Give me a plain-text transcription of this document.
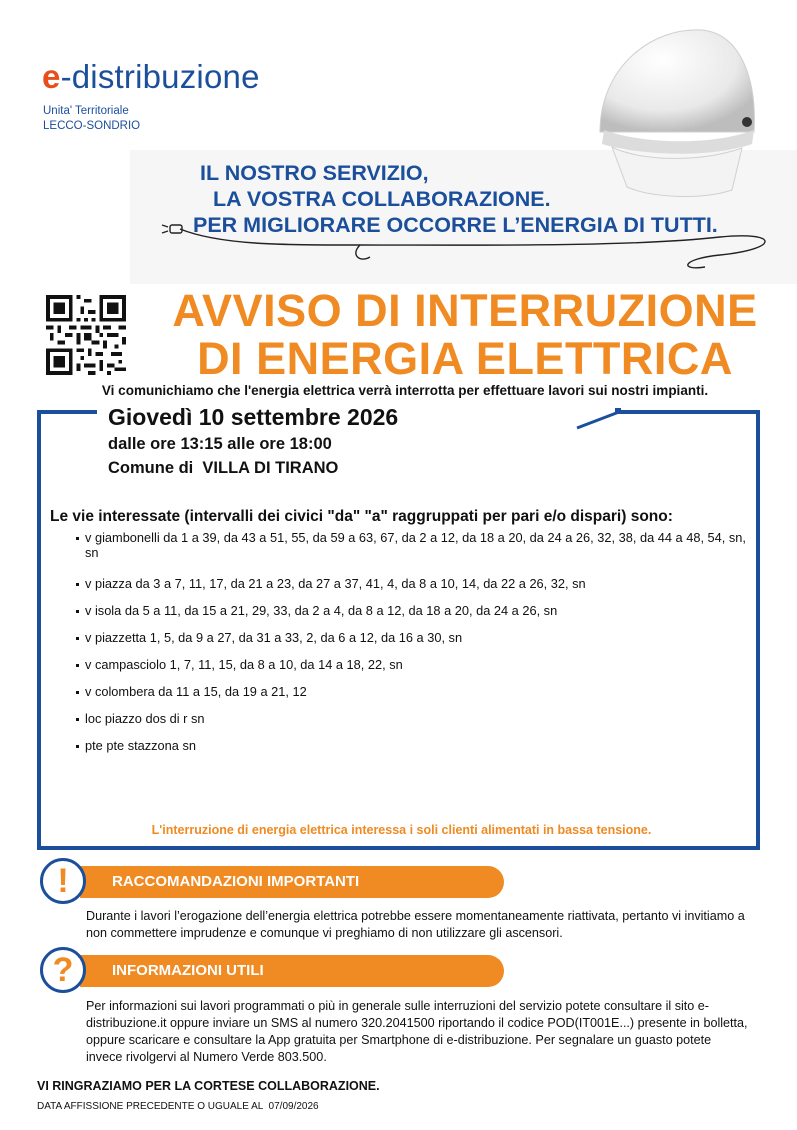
e-distribuzione
Unita' Territoriale
LECCO-SONDRIO
IL NOSTRO SERVIZIO,
LA VOSTRA COLLABORAZIONE.
PER MIGLIORARE OCCORRE L’ENERGIA DI TUTTI.
AVVISO DI INTERRUZIONE
DI ENERGIA ELETTRICA
Vi comunichiamo che l'energia elettrica verrà interrotta per effettuare lavori sui nostri impianti.
Giovedì 10 settembre 2026
dalle ore 13:15 alle ore 18:00
Comune di  VILLA DI TIRANO
Le vie interessate (intervalli dei civici "da" "a" raggruppati per pari e/o dispari) sono:
v giambonelli da 1 a 39, da 43 a 51, 55, da 59 a 63, 67, da 2 a 12, da 18 a 20, da 24 a 26, 32, 38, da 44 a 48, 54, sn, sn
v piazza da 3 a 7, 11, 17, da 21 a 23, da 27 a 37, 41, 4, da 8 a 10, 14, da 22 a 26, 32, sn
v isola da 5 a 11, da 15 a 21, 29, 33, da 2 a 4, da 8 a 12, da 18 a 20, da 24 a 26, sn
v piazzetta 1, 5, da 9 a 27, da 31 a 33, 2, da 6 a 12, da 16 a 30, sn
v campasciolo 1, 7, 11, 15, da 8 a 10, da 14 a 18, 22, sn
v colombera da 11 a 15, da 19 a 21, 12
loc piazzo dos di r sn
pte pte stazzona sn
L'interruzione di energia elettrica interessa i soli clienti alimentati in bassa tensione.
RACCOMANDAZIONI IMPORTANTI
!
Durante i lavori l’erogazione dell’energia elettrica potrebbe essere momentaneamente riattivata, pertanto vi invitiamo a non commettere imprudenze e comunque vi preghiamo di non utilizzare gli ascensori.
INFORMAZIONI UTILI
?
Per informazioni sui lavori programmati o più in generale sulle interruzioni del servizio potete consultare il sito e-distribuzione.it oppure inviare un SMS al numero 320.2041500 riportando il codice POD(IT001E...) presente in bolletta, oppure scaricare e consultare la App gratuita per Smartphone di e-distribuzione. Per segnalare un guasto potete invece rivolgervi al Numero Verde 803.500.
VI RINGRAZIAMO PER LA CORTESE COLLABORAZIONE.
DATA AFFISSIONE PRECEDENTE O UGUALE AL  07/09/2026
